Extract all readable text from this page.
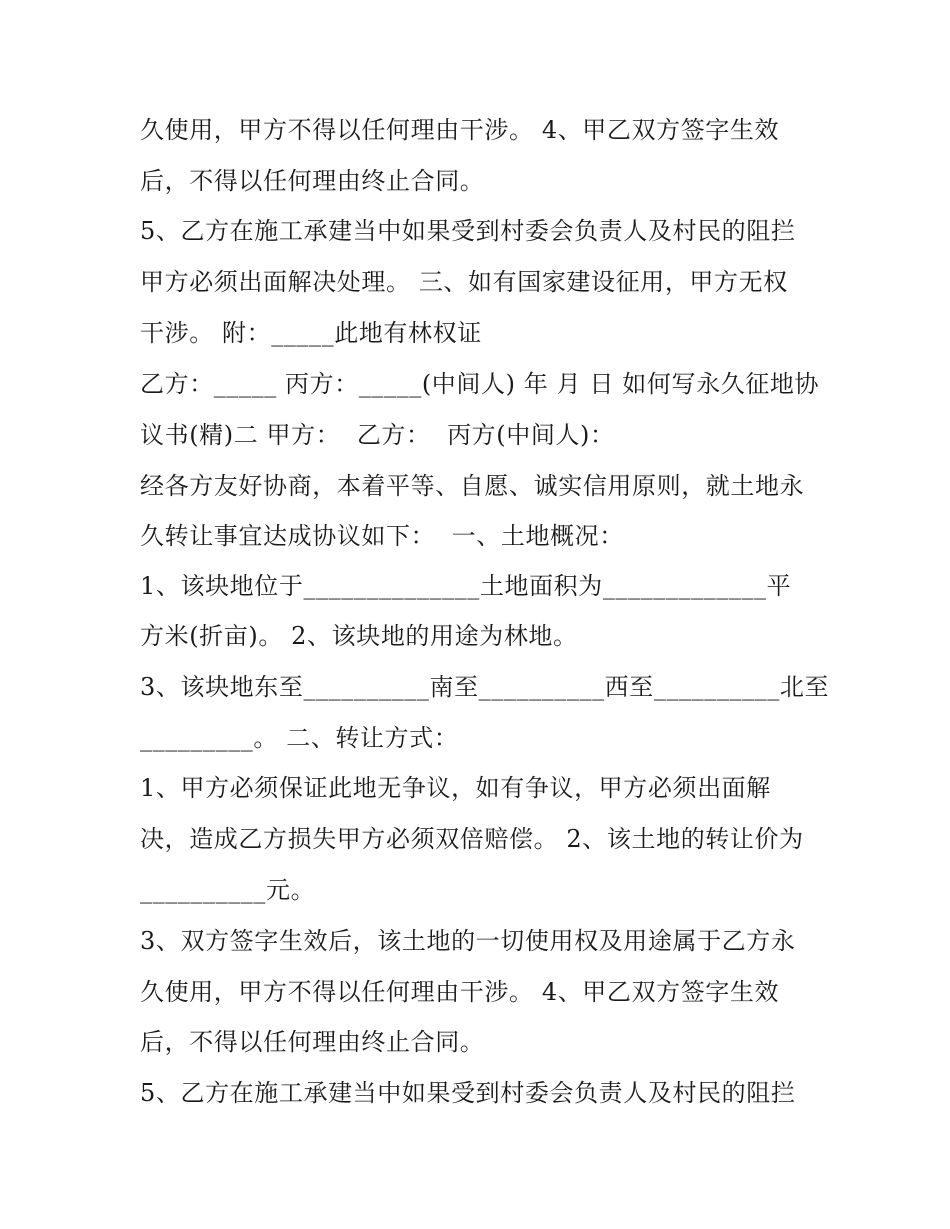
久使用，甲方不得以任何理由干涉。 4、甲乙双方签字生效
后，不得以任何理由终止合同。
5、乙方在施工承建当中如果受到村委会负责人及村民的阻拦
甲方必须出面解决处理。 三、如有国家建设征用，甲方无权
干涉。 附：_____此地有林权证
乙方：_____ 丙方：_____(中间人) 年 月 日 如何写永久征地协
议书(精)二 甲方：  乙方：  丙方(中间人)：
经各方友好协商，本着平等、自愿、诚实信用原则，就土地永
久转让事宜达成协议如下：  一、土地概况：
1、该块地位于______________土地面积为_____________平
方米(折亩)。 2、该块地的用途为林地。
3、该块地东至__________南至__________西至__________北至
_________。 二、转让方式：
1、甲方必须保证此地无争议，如有争议，甲方必须出面解
决，造成乙方损失甲方必须双倍赔偿。 2、该土地的转让价为
__________元。
3、双方签字生效后，该土地的一切使用权及用途属于乙方永
久使用，甲方不得以任何理由干涉。 4、甲乙双方签字生效
后，不得以任何理由终止合同。
5、乙方在施工承建当中如果受到村委会负责人及村民的阻拦
